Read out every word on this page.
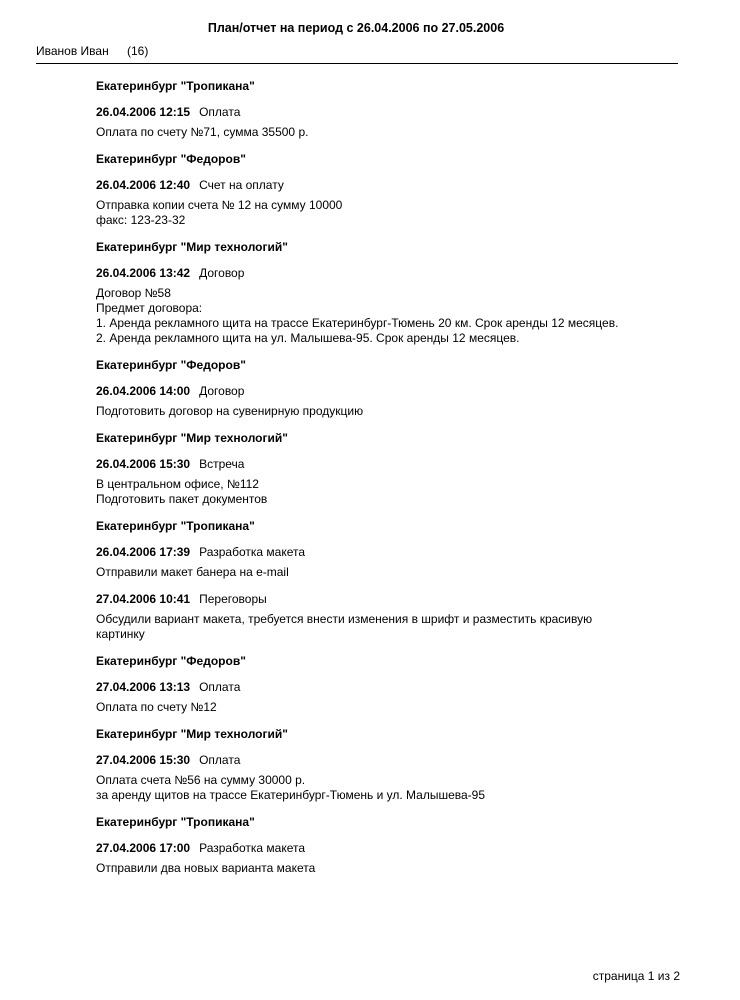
План/отчет на период с 26.04.2006 по 27.05.2006
Иванов Иван (16)
Екатеринбург "Тропикана"
26.04.2006 12:15 Оплата
Оплата по счету №71, сумма 35500 р.
Екатеринбург "Федоров"
26.04.2006 12:40 Счет на оплату
Отправка копии счета № 12 на сумму 10000
факс: 123-23-32
Екатеринбург "Мир технологий"
26.04.2006 13:42 Договор
Договор №58
Предмет договора:
1. Аренда рекламного щита на трассе Екатеринбург-Тюмень 20 км. Срок аренды 12 месяцев.
2. Аренда рекламного щита на ул. Малышева-95. Срок аренды 12 месяцев.
Екатеринбург "Федоров"
26.04.2006 14:00 Договор
Подготовить договор на сувенирную продукцию
Екатеринбург "Мир технологий"
26.04.2006 15:30 Встреча
В центральном офисе, №112
Подготовить пакет документов
Екатеринбург "Тропикана"
26.04.2006 17:39 Разработка макета
Отправили макет банера на e-mail
27.04.2006 10:41 Переговоры
Обсудили вариант макета, требуется внести изменения в шрифт и разместить красивую
картинку
Екатеринбург "Федоров"
27.04.2006 13:13 Оплата
Оплата по счету №12
Екатеринбург "Мир технологий"
27.04.2006 15:30 Оплата
Оплата счета №56 на сумму 30000 р.
за аренду щитов на трассе Екатеринбург-Тюмень и ул. Малышева-95
Екатеринбург "Тропикана"
27.04.2006 17:00 Разработка макета
Отправили два новых варианта макета
страница 1 из 2
